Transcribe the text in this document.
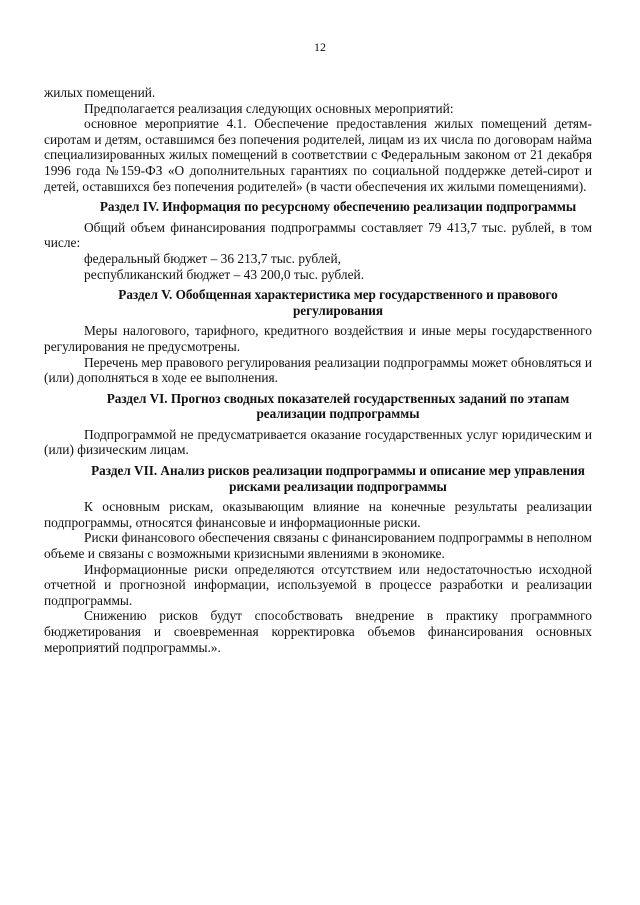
12

жилых помещений.

Предполагается реализация следующих основных мероприятий:

основное мероприятие 4.1. Обеспечение предоставления жилых помещений детям-сиротам и детям, оставшимся без попечения родителей, лицам из их числа по договорам найма специализированных жилых помещений в соответствии с Федеральным законом от 21 декабря 1996 года №159-ФЗ «О дополнительных гарантиях по социальной поддержке детей-сирот и детей, оставшихся без попечения родителей» (в части обеспечения их жилыми помещениями).

Раздел IV. Информация по ресурсному обеспечению реализации подпрограммы

Общий объем финансирования подпрограммы составляет 79 413,7 тыс. рублей, в том числе:

федеральный бюджет – 36 213,7 тыс. рублей,

республиканский бюджет – 43 200,0 тыс. рублей.

Раздел V. Обобщенная характеристика мер государственного и правового регулирования

Меры налогового, тарифного, кредитного воздействия и иные меры государственного регулирования не предусмотрены.

Перечень мер правового регулирования реализации подпрограммы может обновляться и (или) дополняться в ходе ее выполнения.

Раздел VI. Прогноз сводных показателей государственных заданий по этапам реализации подпрограммы

Подпрограммой не предусматривается оказание государственных услуг юридическим и (или) физическим лицам.

Раздел VII. Анализ рисков реализации подпрограммы и описание мер управления рисками реализации подпрограммы

К основным рискам, оказывающим влияние на конечные результаты реализации подпрограммы, относятся финансовые и информационные риски.

Риски финансового обеспечения связаны с финансированием подпрограммы в неполном объеме и связаны с возможными кризисными явлениями в экономике.

Информационные риски определяются отсутствием или недостаточностью исходной отчетной и прогнозной информации, используемой в процессе разработки и реализации подпрограммы.

Снижению рисков будут способствовать внедрение в практику программного бюджетирования и своевременная корректировка объемов финансирования основных мероприятий подпрограммы.».
